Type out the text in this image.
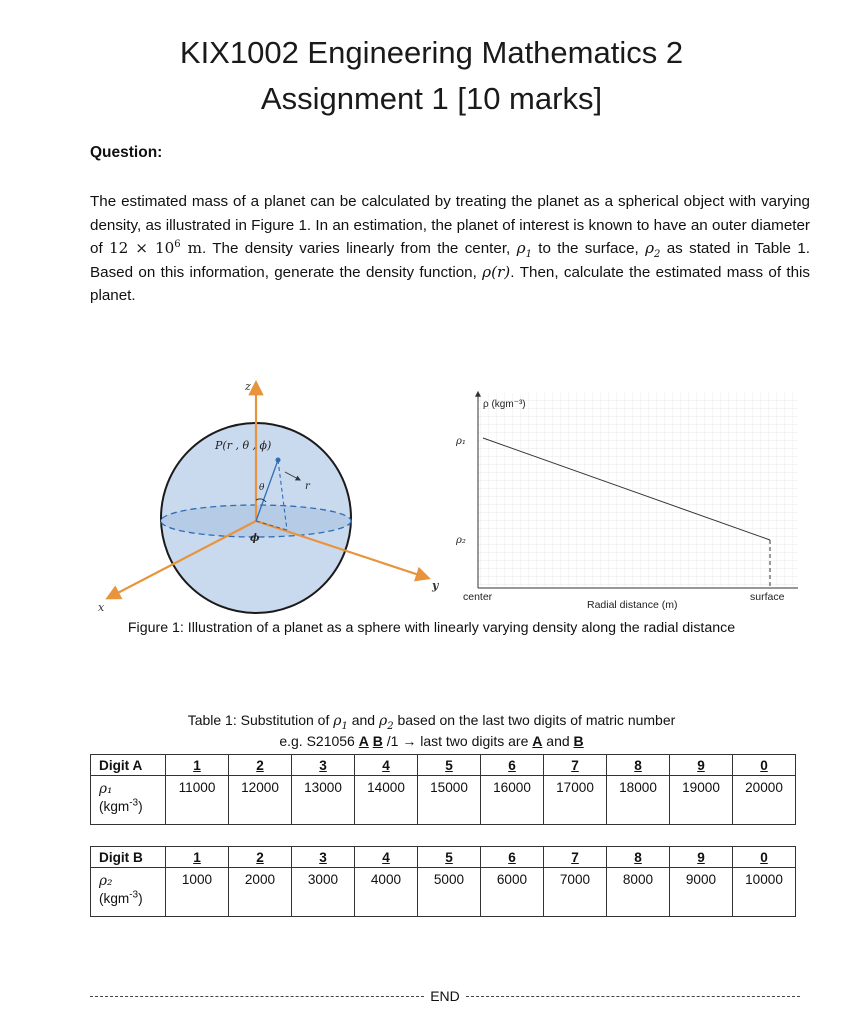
KIX1002 Engineering Mathematics 2
Assignment 1 [10 marks]
Question:

The estimated mass of a planet can be calculated by treating the planet as a spherical object with varying density, as illustrated in Figure 1. In an estimation, the planet of interest is known to have an outer diameter of $12 \times 10^6$ m. The density varies linearly from the center, $\rho_1$ to the surface, $\rho_2$ as stated in Table 1. Based on this information, generate the density function, ρ(r). Then, calculate the estimated mass of this planet.

z
x
y
P(r , θ , ϕ)
θ	r
ϕ
ρ (kgm⁻³)
ρ₁
ρ₂
center	surface
Radial distance (m)
Figure 1: Illustration of a planet as a sphere with linearly varying density along the radial distance
Table 1: Substitution of $\rho_1$ and $\rho_2$ based on the last two digits of matric number
e.g. S21056 A B /1 → last two digits are A and B
Digit A	1	2	3	4	5	6	7	8	9	0
ρ₁
(kgm$^{-3}$)	11000	12000	13000	14000	15000	16000	17000	18000	19000	20000
Digit B	1	2	3	4	5	6	7	8	9	0
ρ₂
(kgm$^{-3}$)	1000	2000	3000	4000	5000	6000	7000	8000	9000	10000
END
